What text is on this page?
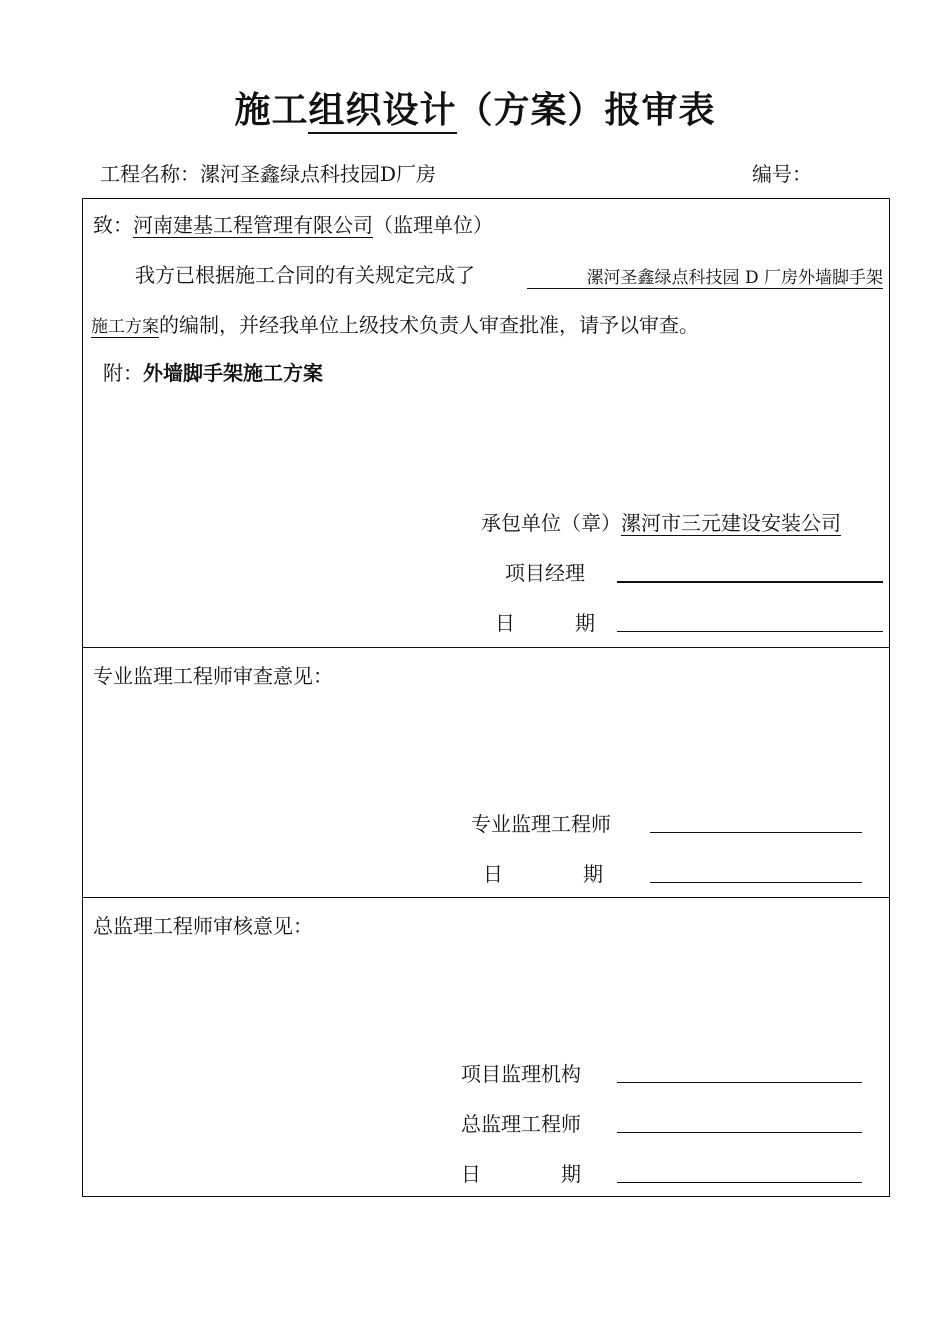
施工组织设计（方案）报审表
工程名称：漯河圣鑫绿点科技园D厂房	编号：
致：河南建基工程管理有限公司（监理单位）
我方已根据施工合同的有关规定完成了	漯河圣鑫绿点科技园 D 厂房外墙脚手架
施工方案的编制，并经我单位上级技术负责人审查批准，请予以审查。
附：外墙脚手架施工方案
承包单位（章）漯河市三元建设安装公司
项目经理
日　　　期
专业监理工程师审查意见：
专业监理工程师
日　　　　期
总监理工程师审核意见：
项目监理机构
总监理工程师
日　　　　期
